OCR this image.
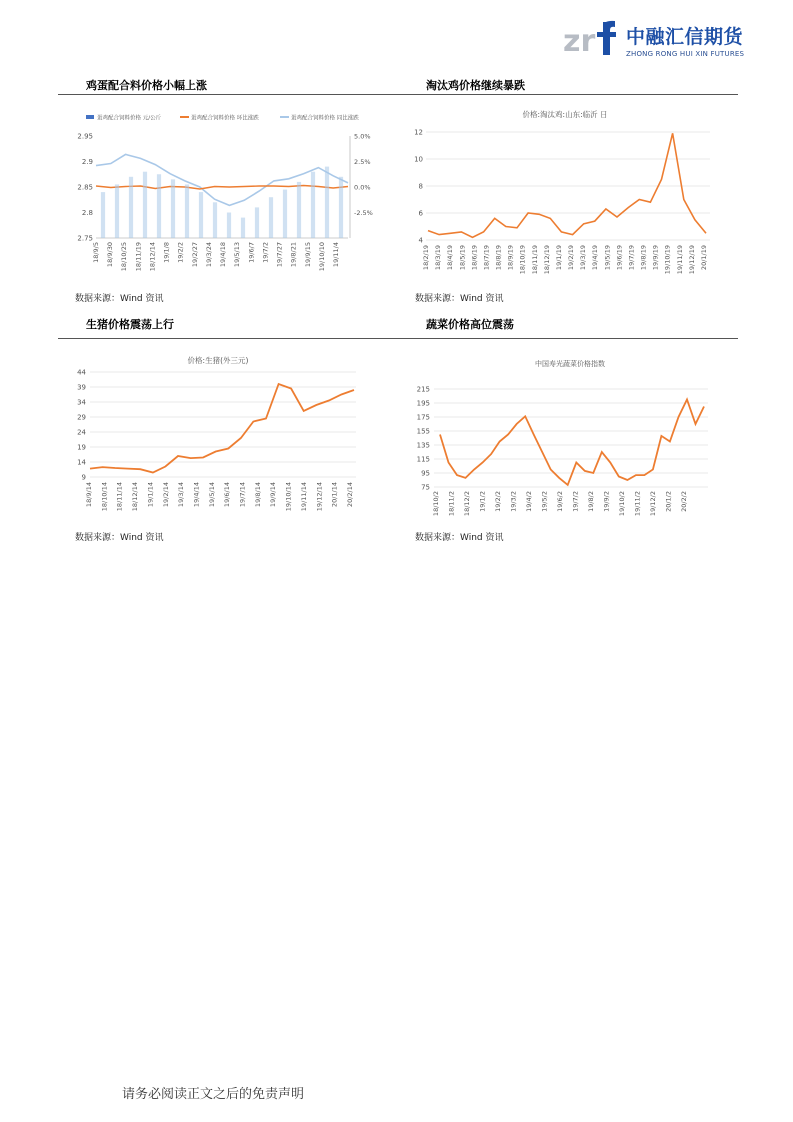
zr 中融汇信期货
ZHONG RONG HUI XIN FUTURES
鸡蛋配合料价格小幅上涨	淘汰鸡价格继续暴跌
生猪价格震荡上行	蔬菜价格高位震荡
数据来源：Wind 资讯	数据来源：Wind 资讯
数据来源：Wind 资讯	数据来源：Wind 资讯
蛋鸡配合饲料价格 元/公斤	蛋鸡配合饲料价格 环比涨跌	蛋鸡配合饲料价格 同比涨跌
2.75
2.8
2.85
2.9
2.95
-2.5%
0.0%
2.5%
5.0%
18/9/5 18/9/30 18/10/25 18/11/19 18/12/14 19/1/8 19/2/2 19/2/27 19/3/24 19/4/18 19/5/13 19/6/7 19/7/2 19/7/27 19/8/21 19/9/15 19/10/10 19/11/4
价格:淘汰鸡:山东:临沂 日
4
6
8
10
12
18/2/19 18/3/19 18/4/19 18/5/19 18/6/19 18/7/19 18/8/19 18/9/19 18/10/19 18/11/19 18/12/19 19/1/19 19/2/19 19/3/19 19/4/19 19/5/19 19/6/19 19/7/19 19/8/19 19/9/19 19/10/19 19/11/19 19/12/19 20/1/19
价格:生猪(外三元)
9
14
19
24
29
34
39
44
18/9/14 18/10/14 18/11/14 18/12/14 19/1/14 19/2/14 19/3/14 19/4/14 19/5/14 19/6/14 19/7/14 19/8/14 19/9/14 19/10/14 19/11/14 19/12/14 20/1/14 20/2/14
中国寿光蔬菜价格指数
75
95
115
135
155
175
195
215
18/10/2 18/11/2 18/12/2 19/1/2 19/2/2 19/3/2 19/4/2 19/5/2 19/6/2 19/7/2 19/8/2 19/9/2 19/10/2 19/11/2 19/12/2 20/1/2 20/2/2
请务必阅读正文之后的免责声明
